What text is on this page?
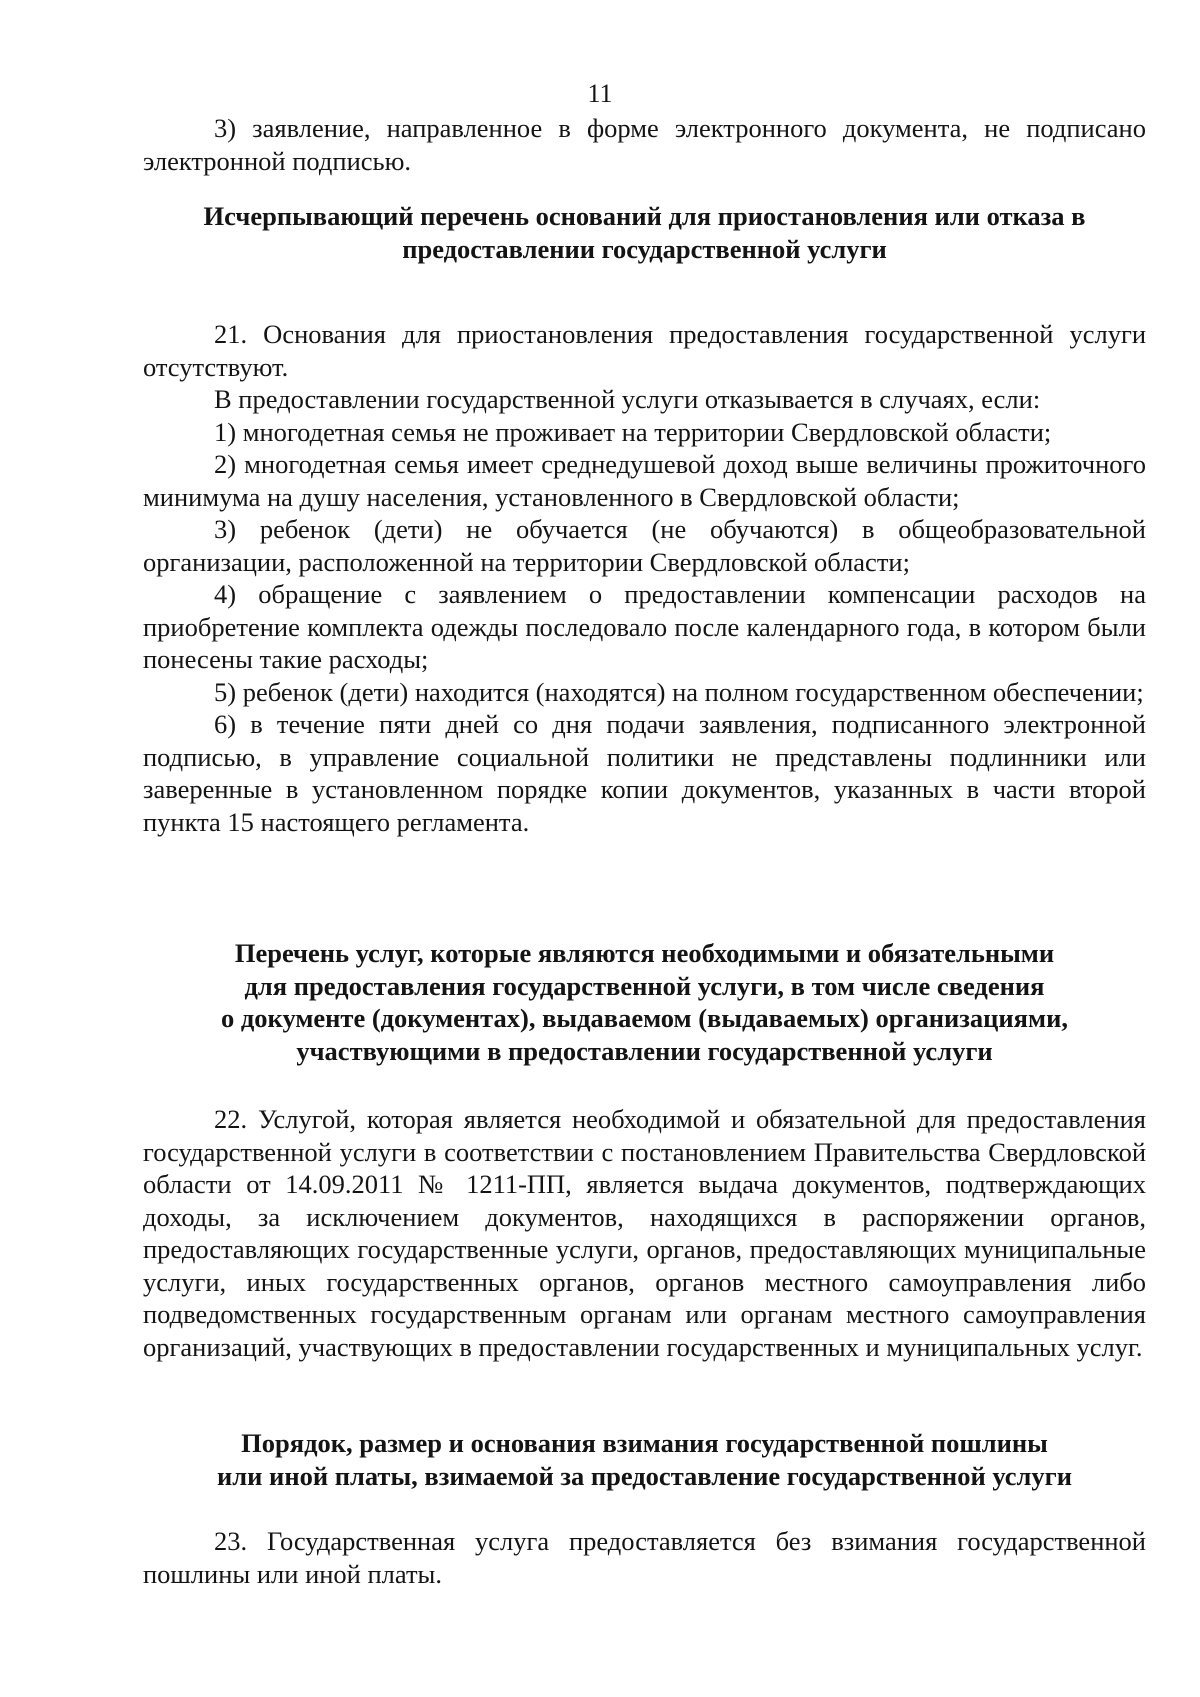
11

3) заявление, направленное в форме электронного документа, не подписано электронной подписью.

Исчерпывающий перечень оснований для приостановления или отказа в
предоставлении государственной услуги

21. Основания для приостановления предоставления государственной услуги отсутствуют.

В предоставлении государственной услуги отказывается в случаях, если:

1) многодетная семья не проживает на территории Свердловской области;

2) многодетная семья имеет среднедушевой доход выше величины прожиточного минимума на душу населения, установленного в Свердловской области;

3) ребенок (дети) не обучается (не обучаются) в общеобразовательной организации, расположенной на территории Свердловской области;

4) обращение с заявлением о предоставлении компенсации расходов на приобретение комплекта одежды последовало после календарного года, в котором были понесены такие расходы;

5) ребенок (дети) находится (находятся) на полном государственном обеспечении;

6) в течение пяти дней со дня подачи заявления, подписанного электронной подписью, в управление социальной политики не представлены подлинники или заверенные в установленном порядке копии документов, указанных в части второй пункта 15 настоящего регламента.

Перечень услуг, которые являются необходимыми и обязательными
для предоставления государственной услуги, в том числе сведения
о документе (документах), выдаваемом (выдаваемых) организациями,
участвующими в предоставлении государственной услуги

22. Услугой, которая является необходимой и обязательной для предоставления государственной услуги в соответствии с постановлением Правительства Свердловской области от 14.09.2011 № 1211-ПП, является выдача документов, подтверждающих доходы, за исключением документов, находящихся в распоряжении органов, предоставляющих государственные услуги, органов, предоставляющих муниципальные услуги, иных государственных органов, органов местного самоуправления либо подведомственных государственным органам или органам местного самоуправления организаций, участвующих в предоставлении государственных и муниципальных услуг.

Порядок, размер и основания взимания государственной пошлины
или иной платы, взимаемой за предоставление государственной услуги

23. Государственная услуга предоставляется без взимания государственной пошлины или иной платы.
